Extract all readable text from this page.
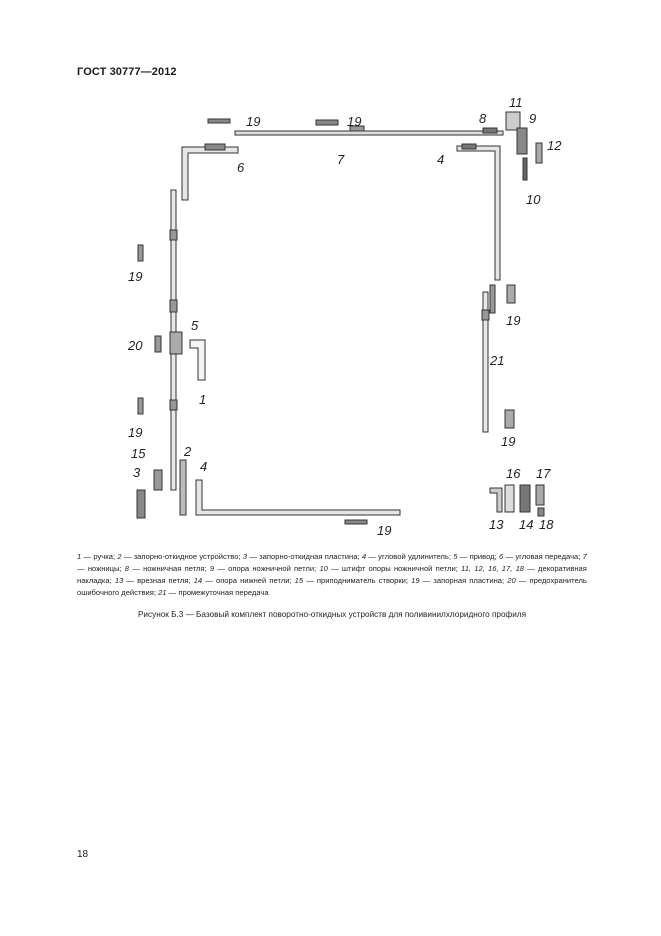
ГОСТ 30777—2012
19	19	8
11
9
12
10
6
7	4
19
5
20
1
19
15	2
3	4
19
21
19
16 17
13 14 18
19
1 — ручка; 2 — запорно-откидное устройство; 3 — запорно-откидная пластина; 4 — угловой удлинитель; 5 — привод; 6 — угловая передача; 7 — ножницы; 8 — ножничная петля; 9 — опора ножничной петли; 10 — штифт опоры ножничной петли; 11, 12, 16, 17, 18 — декоративная накладка; 13 — врезная петля; 14 — опора нижней петли; 15 — приподниматель створки; 19 — запорная пластина; 20 — предохранитель ошибочного действия; 21 — промежуточная передача
Рисунок Б.3 — Базовый комплект поворотно-откидных устройств для поливинилхлоридного профиля
18
